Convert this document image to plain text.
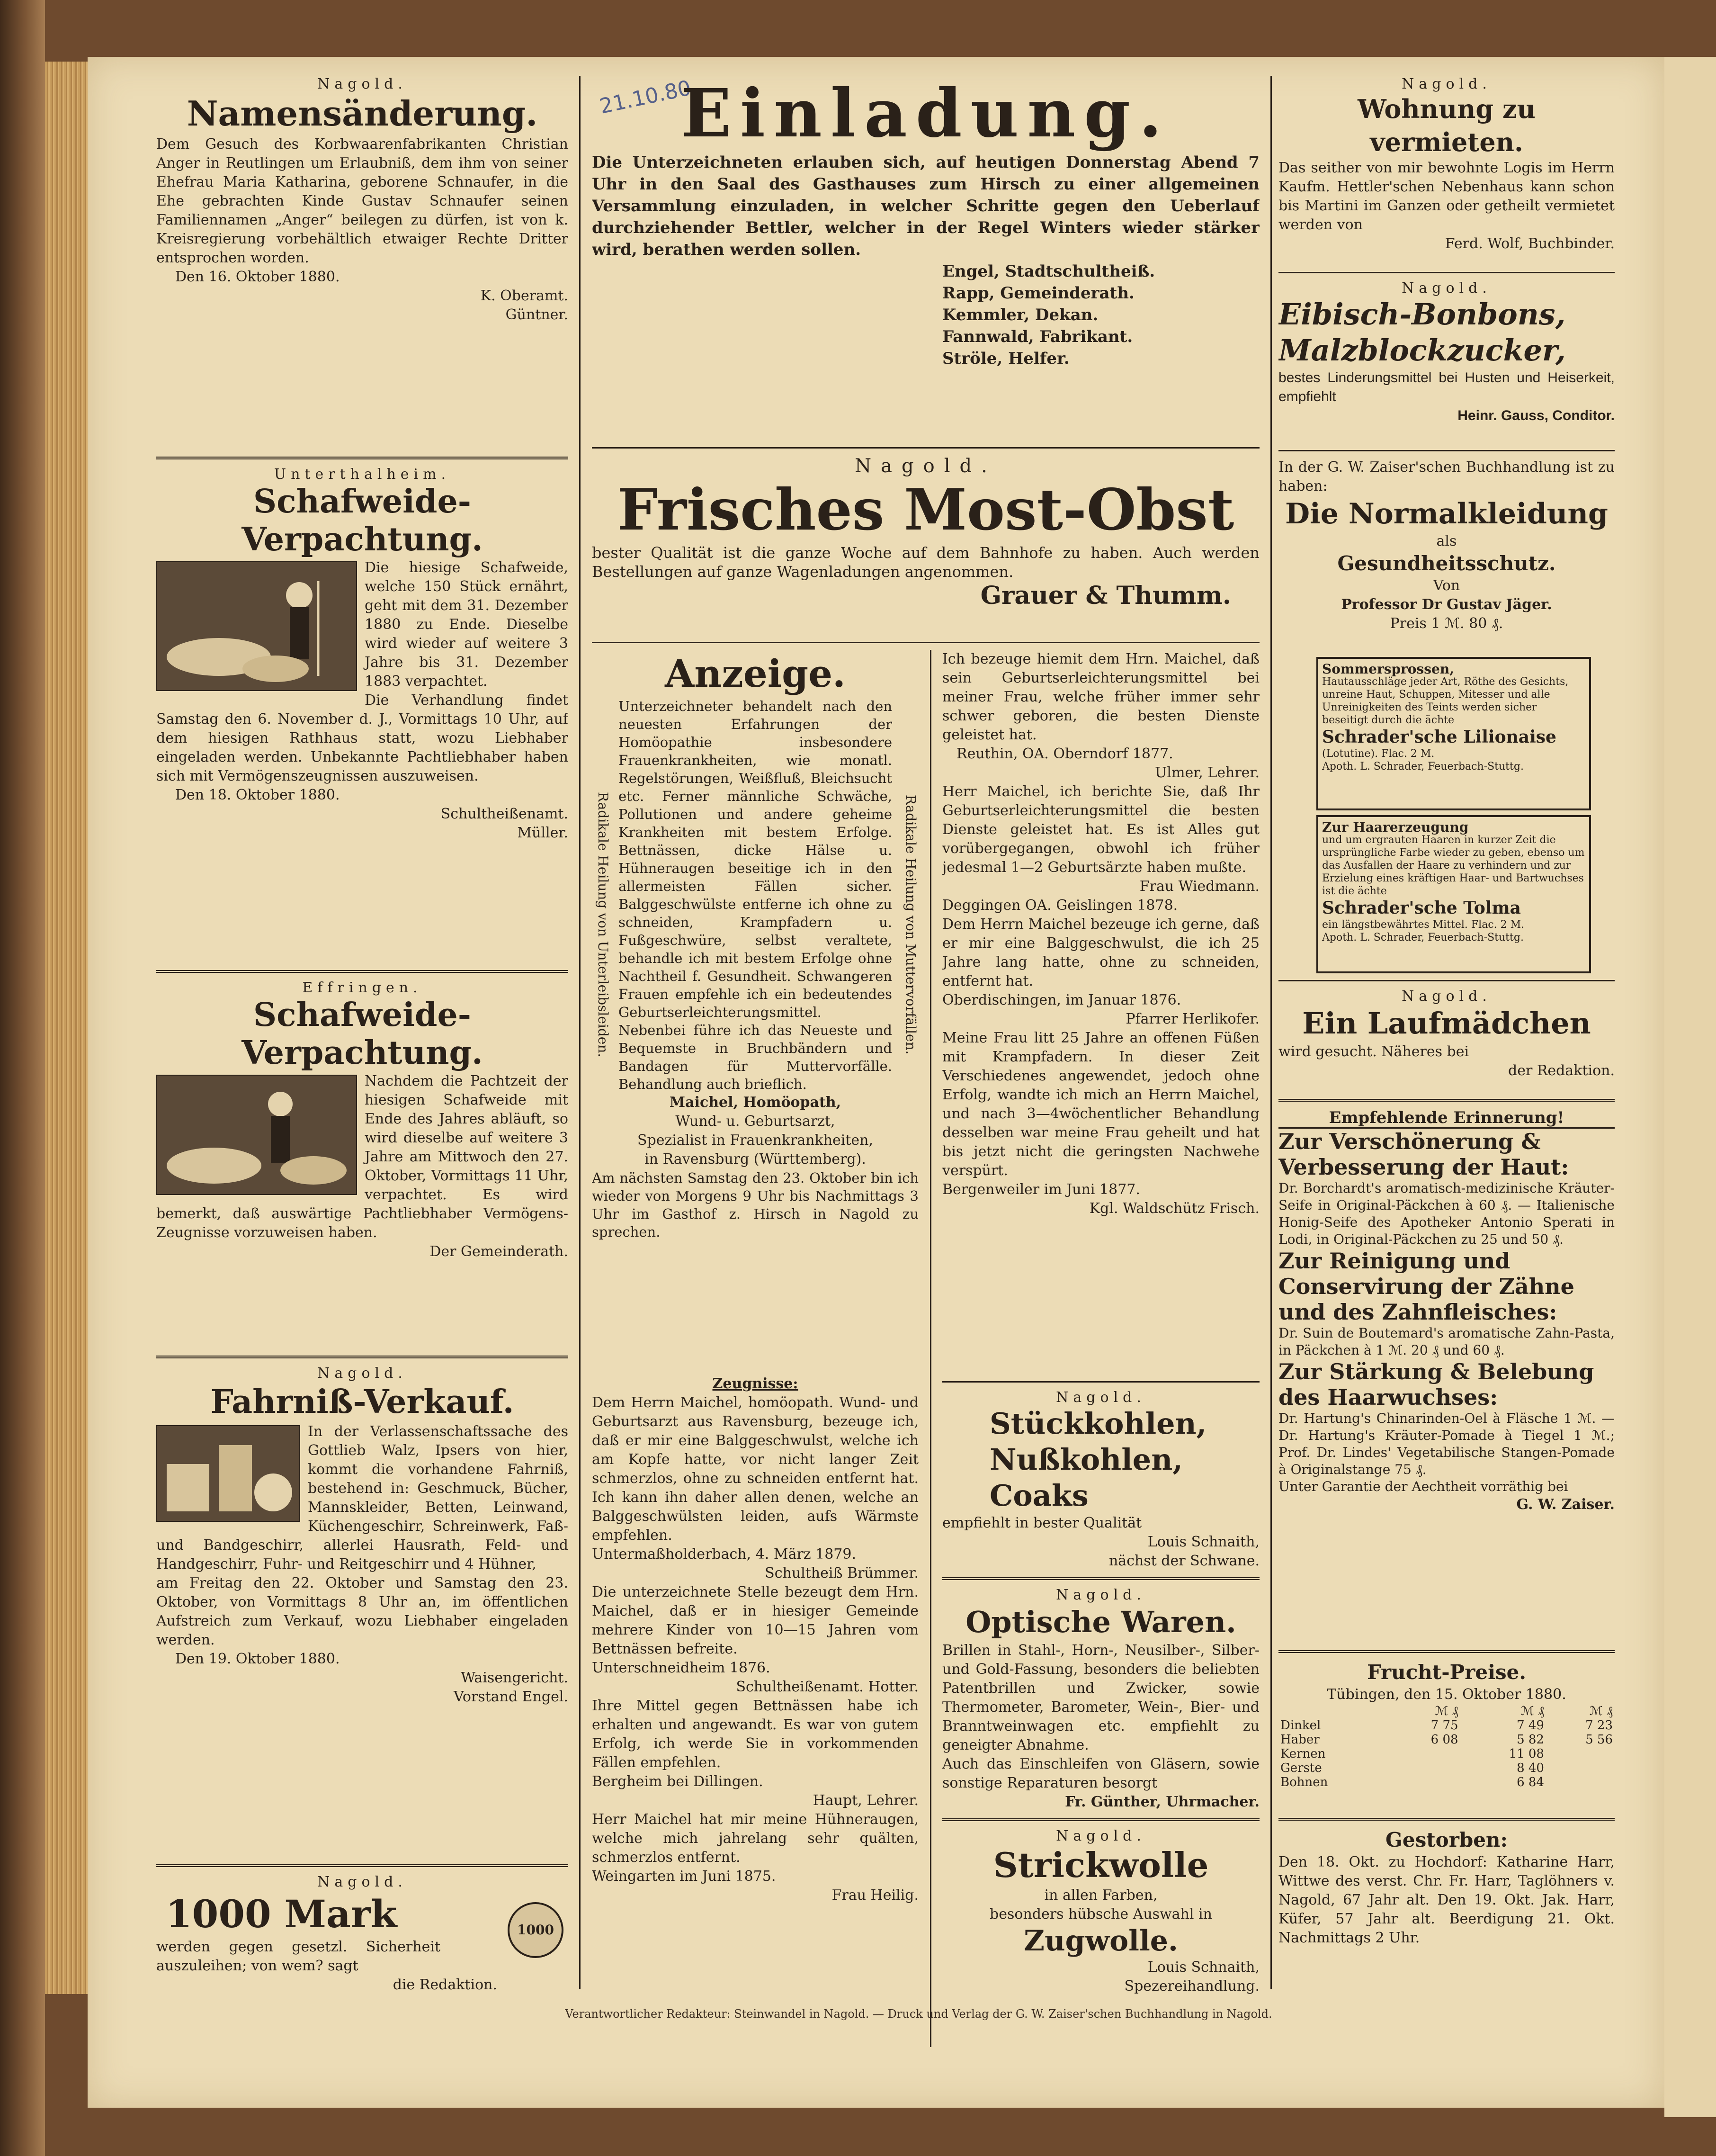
21.10.80
Nagold.
Namensänderung.
Dem Gesuch des Korbwaarenfabrikanten Christian Anger in Reutlingen um Erlaubniß, dem ihm von seiner Ehefrau Maria Katharina, geborene Schnaufer, in die Ehe gebrachten Kinde Gustav Schnaufer seinen Familiennamen „Anger“ beilegen zu dürfen, ist von k. Kreisregierung vorbehältlich etwaiger Rechte Dritter entsprochen worden.
Den 16. Oktober 1880.
K. Oberamt.
Güntner.
Unterthalheim.
Schafweide-
Verpachtung.
Die hiesige Schafweide, welche 150 Stück ernährt, geht mit dem 31. Dezember 1880 zu Ende. Dieselbe wird wieder auf weitere 3 Jahre bis 31. Dezember 1883 verpachtet.
Die Verhandlung findet Samstag den 6. November d. J., Vormittags 10 Uhr, auf dem hiesigen Rathhaus statt, wozu Liebhaber eingeladen werden. Unbekannte Pachtliebhaber haben sich mit Vermögenszeugnissen auszuweisen.
Den 18. Oktober 1880.
Schultheißenamt.
Müller.
Effringen.
Schafweide-
Verpachtung.
Nachdem die Pachtzeit der hiesigen Schafweide mit Ende des Jahres abläuft, so wird dieselbe auf weitere 3 Jahre am Mittwoch den 27. Oktober, Vormittags 11 Uhr, verpachtet. Es wird bemerkt, daß auswärtige Pachtliebhaber Vermögens-Zeugnisse vorzuweisen haben.
Der Gemeinderath.
Nagold.
Fahrniß-Verkauf.
In der Verlassenschaftssache des Gottlieb Walz, Ipsers von hier, kommt die vorhandene Fahrniß, bestehend in: Geschmuck, Bücher, Mannskleider, Betten, Leinwand, Küchengeschirr, Schreinwerk, Faß- und Bandgeschirr, allerlei Hausrath, Feld- und Handgeschirr, Fuhr- und Reitgeschirr und 4 Hühner,
am Freitag den 22. Oktober und Samstag den 23. Oktober, von Vormittags 8 Uhr an, im öffentlichen Aufstreich zum Verkauf, wozu Liebhaber eingeladen werden.
Den 19. Oktober 1880.
Waisengericht.
Vorstand Engel.
Nagold.
1000 Mark	1000
werden gegen gesetzl. Sicherheit auszuleihen; von wem? sagt
die Redaktion.
Einladung.
Die Unterzeichneten erlauben sich, auf heutigen Donnerstag Abend 7 Uhr in den Saal des Gasthauses zum Hirsch zu einer allgemeinen Versammlung einzuladen, in welcher Schritte gegen den Ueberlauf durchziehender Bettler, welcher in der Regel Winters wieder stärker wird, berathen werden sollen.
Engel, Stadtschultheiß.
Rapp, Gemeinderath.
Kemmler, Dekan.
Fannwald, Fabrikant.
Ströle, Helfer.
Nagold.
Frisches Most-Obst
bester Qualität ist die ganze Woche auf dem Bahnhofe zu haben. Auch werden Bestellungen auf ganze Wagenladungen angenommen.
Grauer & Thumm.
Anzeige.
Radikale Heilung von Unterleibsleiden.	Radikale Heilung von Muttervorfällen.
Unterzeichneter behandelt nach den neuesten Erfahrungen der Homöopathie insbesondere Frauenkrankheiten, wie monatl. Regelstörungen, Weißfluß, Bleichsucht etc. Ferner männliche Schwäche, Pollutionen und andere geheime Krankheiten mit bestem Erfolge. Bettnässen, dicke Hälse u. Hühneraugen beseitige ich in den allermeisten Fällen sicher. Balggeschwülste entferne ich ohne zu schneiden, Krampfadern u. Fußgeschwüre, selbst veraltete, behandle ich mit bestem Erfolge ohne Nachtheil f. Gesundheit. Schwangeren Frauen empfehle ich ein bedeutendes Geburtserleichterungsmittel. Nebenbei führe ich das Neueste und Bequemste in Bruchbändern und Bandagen für Muttervorfälle. Behandlung auch brieflich.
Maichel, Homöopath,
Wund- u. Geburtsarzt,
Spezialist in Frauenkrankheiten,
in Ravensburg (Württemberg).
Am nächsten Samstag den 23. Oktober bin ich wieder von Morgens 9 Uhr bis Nachmittags 3 Uhr im Gasthof z. Hirsch in Nagold zu sprechen.
Ich bezeuge hiemit dem Hrn. Maichel, daß sein Geburtserleichterungsmittel bei meiner Frau, welche früher immer sehr schwer geboren, die besten Dienste geleistet hat.
Reuthin, OA. Oberndorf 1877.
Ulmer, Lehrer.
Herr Maichel, ich berichte Sie, daß Ihr Geburtserleichterungsmittel die besten Dienste geleistet hat. Es ist Alles gut vorübergegangen, obwohl ich früher jedesmal 1—2 Geburtsärzte haben mußte.
Frau Wiedmann.
Deggingen OA. Geislingen 1878.
Dem Herrn Maichel bezeuge ich gerne, daß er mir eine Balggeschwulst, die ich 25 Jahre lang hatte, ohne zu schneiden, entfernt hat.
Oberdischingen, im Januar 1876.
Pfarrer Herlikofer.
Meine Frau litt 25 Jahre an offenen Füßen mit Krampfadern. In dieser Zeit Verschiedenes angewendet, jedoch ohne Erfolg, wandte ich mich an Herrn Maichel, und nach 3—4wöchentlicher Behandlung desselben war meine Frau geheilt und hat bis jetzt nicht die geringsten Nachwehe verspürt.
Bergenweiler im Juni 1877.
Kgl. Waldschütz Frisch.
Zeugnisse:
Dem Herrn Maichel, homöopath. Wund- und Geburtsarzt aus Ravensburg, bezeuge ich, daß er mir eine Balggeschwulst, welche ich am Kopfe hatte, vor nicht langer Zeit schmerzlos, ohne zu schneiden entfernt hat. Ich kann ihn daher allen denen, welche an Balggeschwülsten leiden, aufs Wärmste empfehlen.
Untermaßholderbach, 4. März 1879.
Schultheiß Brümmer.
Die unterzeichnete Stelle bezeugt dem Hrn. Maichel, daß er in hiesiger Gemeinde mehrere Kinder von 10—15 Jahren vom Bettnässen befreite.
Unterschneidheim 1876.
Schultheißenamt. Hotter.
Ihre Mittel gegen Bettnässen habe ich erhalten und angewandt. Es war von gutem Erfolg, ich werde Sie in vorkommenden Fällen empfehlen.
Bergheim bei Dillingen.
Haupt, Lehrer.
Herr Maichel hat mir meine Hühneraugen, welche mich jahrelang sehr quälten, schmerzlos entfernt.
Weingarten im Juni 1875.
Frau Heilig.
Nagold.
Stückkohlen,
Nußkohlen,
Coaks
empfiehlt in bester Qualität
Louis Schnaith,
nächst der Schwane.
Nagold.
Optische Waren.
Brillen in Stahl-, Horn-, Neusilber-, Silber- und Gold-Fassung, besonders die beliebten Patentbrillen und Zwicker, sowie Thermometer, Barometer, Wein-, Bier- und Branntweinwagen etc. empfiehlt zu geneigter Abnahme.
Auch das Einschleifen von Gläsern, sowie sonstige Reparaturen besorgt
Fr. Günther, Uhrmacher.
Nagold.
Strickwolle
in allen Farben,
besonders hübsche Auswahl in
Zugwolle.
Louis Schnaith,
Spezereihandlung.
Nagold.
Wohnung zu vermieten.
Das seither von mir bewohnte Logis im Herrn Kaufm. Hettler'schen Nebenhaus kann schon bis Martini im Ganzen oder getheilt vermietet werden von
Ferd. Wolf, Buchbinder.
Nagold.
Eibisch-Bonbons,
Malzblockzucker,
bestes Linderungsmittel bei Husten und Heiserkeit, empfiehlt
Heinr. Gauss, Conditor.
In der G. W. Zaiser'schen Buchhandlung ist zu haben:
Die Normalkleidung
als
Gesundheitsschutz.
Von
Professor Dr Gustav Jäger.
Preis 1 ℳ. 80 ₰.
Sommersprossen,
Hautausschläge jeder Art, Röthe des Gesichts, unreine Haut, Schuppen, Mitesser und alle Unreinigkeiten des Teints werden sicher beseitigt durch die ächte
Schrader'sche Lilionaise
(Lotutine). Flac. 2 M.
Apoth. L. Schrader, Feuerbach-Stuttg.
Zur Haarerzeugung
und um ergrauten Haaren in kurzer Zeit die ursprüngliche Farbe wieder zu geben, ebenso um das Ausfallen der Haare zu verhindern und zur Erzielung eines kräftigen Haar- und Bartwuchses ist die ächte
Schrader'sche Tolma
ein längstbewährtes Mittel. Flac. 2 M.
Apoth. L. Schrader, Feuerbach-Stuttg.
Nagold.
Ein Laufmädchen
wird gesucht. Näheres bei
der Redaktion.
Empfehlende Erinnerung!
Zur Verschönerung & Verbesserung der Haut:
Dr. Borchardt's aromatisch-medizinische Kräuter-Seife in Original-Päckchen à 60 ₰. — Italienische Honig-Seife des Apotheker Antonio Sperati in Lodi, in Original-Päckchen zu 25 und 50 ₰.
Zur Reinigung und Conservirung der Zähne und des Zahnfleisches:
Dr. Suin de Boutemard's aromatische Zahn-Pasta, in Päckchen à 1 ℳ. 20 ₰ und 60 ₰.
Zur Stärkung & Belebung des Haarwuchses:
Dr. Hartung's Chinarinden-Oel à Fläsche 1 ℳ. — Dr. Hartung's Kräuter-Pomade à Tiegel 1 ℳ.; Prof. Dr. Lindes' Vegetabilische Stangen-Pomade à Originalstange 75 ₰.
Unter Garantie der Aechtheit vorräthig bei
G. W. Zaiser.
Frucht-Preise.
Tübingen, den 15. Oktober 1880.
	ℳ ₰	ℳ ₰	ℳ ₰
Dinkel	7 75	7 49	7 23
Haber	6 08	5 82	5 56
Kernen		11 08	
Gerste		8 40	
Bohnen		6 84	
Gestorben:
Den 18. Okt. zu Hochdorf: Katharine Harr, Wittwe des verst. Chr. Fr. Harr, Taglöhners v. Nagold, 67 Jahr alt. Den 19. Okt. Jak. Harr, Küfer, 57 Jahr alt. Beerdigung 21. Okt. Nachmittags 2 Uhr.
Verantwortlicher Redakteur: Steinwandel in Nagold. — Druck und Verlag der G. W. Zaiser'schen Buchhandlung in Nagold.
